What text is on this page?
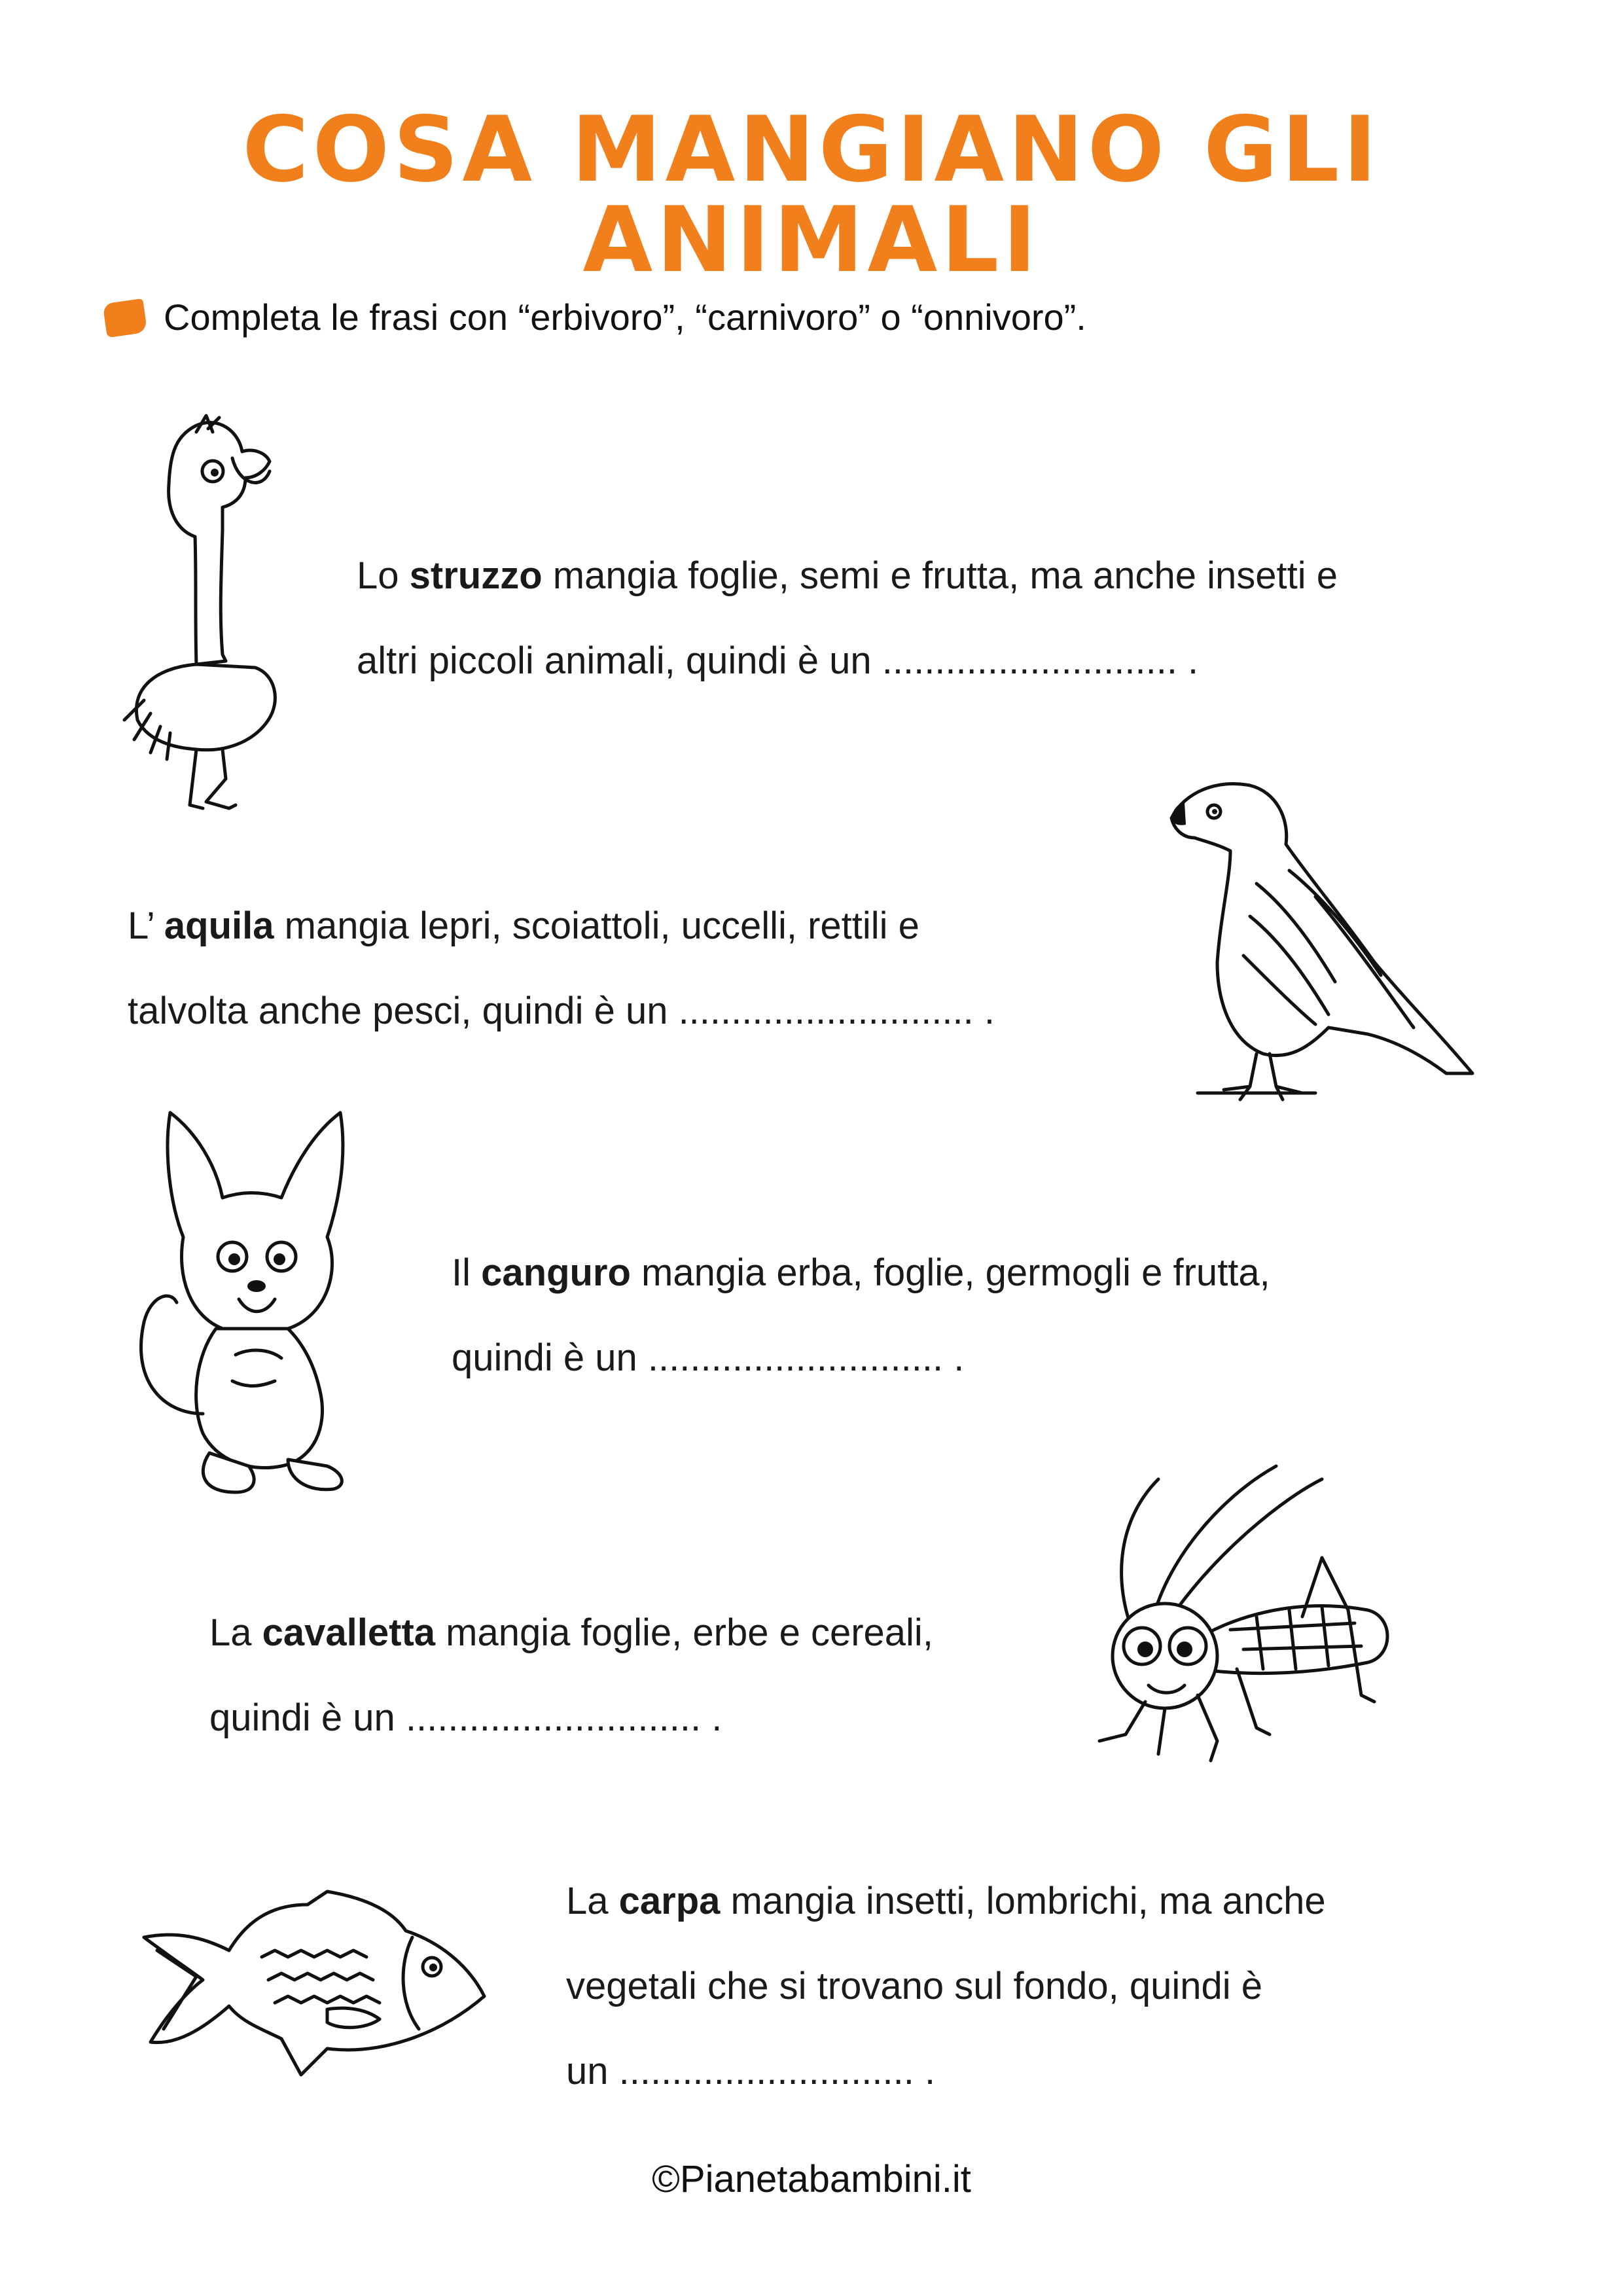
COSA MANGIANO GLI ANIMALI
Completa le frasi con “erbivoro”, “carnivoro” o “onnivoro”.
Lo struzzo mangia foglie, semi e frutta, ma anche insetti e
altri piccoli animali, quindi è un ............................ .
L’ aquila mangia lepri, scoiattoli, uccelli, rettili e
talvolta anche pesci, quindi è un ............................ .
Il canguro mangia erba, foglie, germogli e frutta,
quindi è un ............................ .
La cavalletta mangia foglie, erbe e cereali,
quindi è un ............................ .
La carpa mangia insetti, lombrichi, ma anche
vegetali che si trovano sul fondo, quindi è
un ............................ .
©Pianetabambini.it
